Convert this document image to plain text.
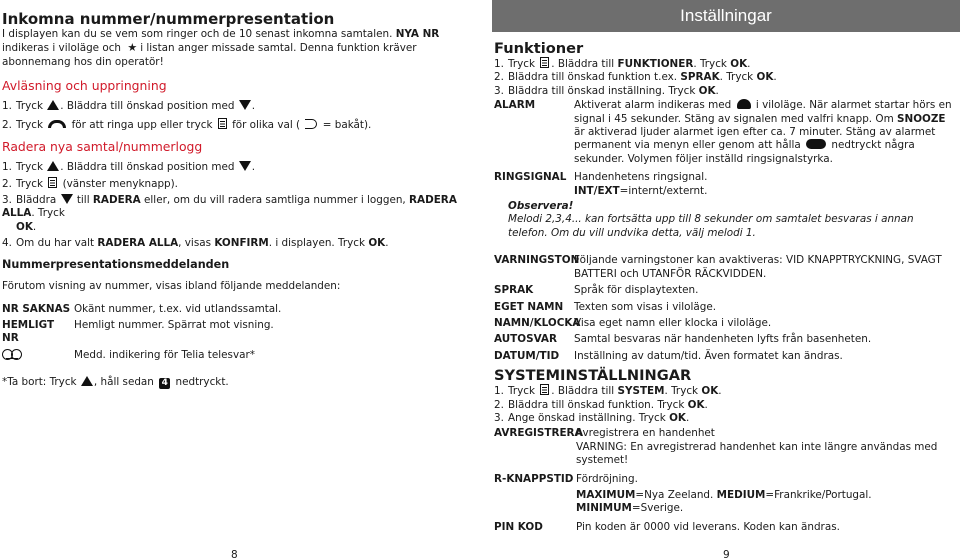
Inkomna nummer/nummerpresentation
I displayen kan du se vem som ringer och de 10 senast inkomna samtalen. NYA NR indikeras i viloläge och ★ i listan anger missade samtal. Denna funktion kräver abonnemang hos din operatör!
Avläsning och uppringning
1. Tryck . Bläddra till önskad position med .
2. Tryck	för att ringa upp eller tryck för olika val ( = bakåt).
Radera nya samtal/nummerlogg
1. Tryck . Bläddra till önskad position med .
2. Tryck (vänster menyknapp).
3. Bläddra till RADERA eller, om du vill radera samtliga nummer i loggen, RADERA ALLA. Tryck
OK.
4. Om du har valt RADERA ALLA, visas KONFIRM. i displayen. Tryck OK.
Nummerpresentationsmeddelanden
Förutom visning av nummer, visas ibland följande meddelanden:
NR SAKNAS Okänt nummer, t.ex. vid utlandssamtal.
HEMLIGT NR
Hemligt nummer. Spärrat mot visning.
Medd. indikering för Telia telesvar*
*Ta bort: Tryck , håll sedan 4 nedtryckt.
8
Inställningar
Funktioner
1. Tryck . Bläddra till FUNKTIONER. Tryck OK.
2. Bläddra till önskad funktion t.ex. SPRAK. Tryck OK.
3. Bläddra till önskad inställning. Tryck OK.
ALARM	Aktiverat alarm indikeras med i viloläge. När alarmet startar hörs en signal i 45 sekunder. Stäng av signalen med valfri knapp. Om SNOOZE är aktiverad ljuder alarmet igen efter ca. 7 minuter. Stäng av alarmet permanent via menyn eller genom att hålla	nedtryckt några sekunder. Volymen följer inställd ringsignalstyrka.
RINGSIGNAL Handenhetens ringsignal.
INT/EXT=internt/externt.
Observera!
Melodi 2,3,4... kan fortsätta upp till 8 sekunder om samtalet besvaras i annan telefon. Om du vill undvika detta, välj melodi 1.
VARNINGSTON
Följande varningstoner kan avaktiveras: VID KNAPPTRYCKNING, SVAGT BATTERI och UTANFÖR RÄCKVIDDEN.
SPRAK	Språk för displaytexten.
EGET NAMN	Texten som visas i viloläge.
NAMN/KLOCKA
Visa eget namn eller klocka i viloläge.
AUTOSVAR	Samtal besvaras när handenheten lyfts från basenheten.
DATUM/TID	Inställning av datum/tid. Även formatet kan ändras.
SYSTEMINSTÄLLNINGAR
1. Tryck . Bläddra till SYSTEM. Tryck OK.
2. Bläddra till önskad funktion. Tryck OK.
3. Ange önskad inställning. Tryck OK.
AVREGISTRERA
Avregistrera en handenhet
VARNING: En avregistrerad handenhet kan inte längre användas med systemet!
R-KNAPPSTID Fördröjning.
MAXIMUM=Nya Zeeland. MEDIUM=Frankrike/Portugal. MINIMUM=Sverige.
PIN KOD	Pin koden är 0000 vid leverans. Koden kan ändras.
9
